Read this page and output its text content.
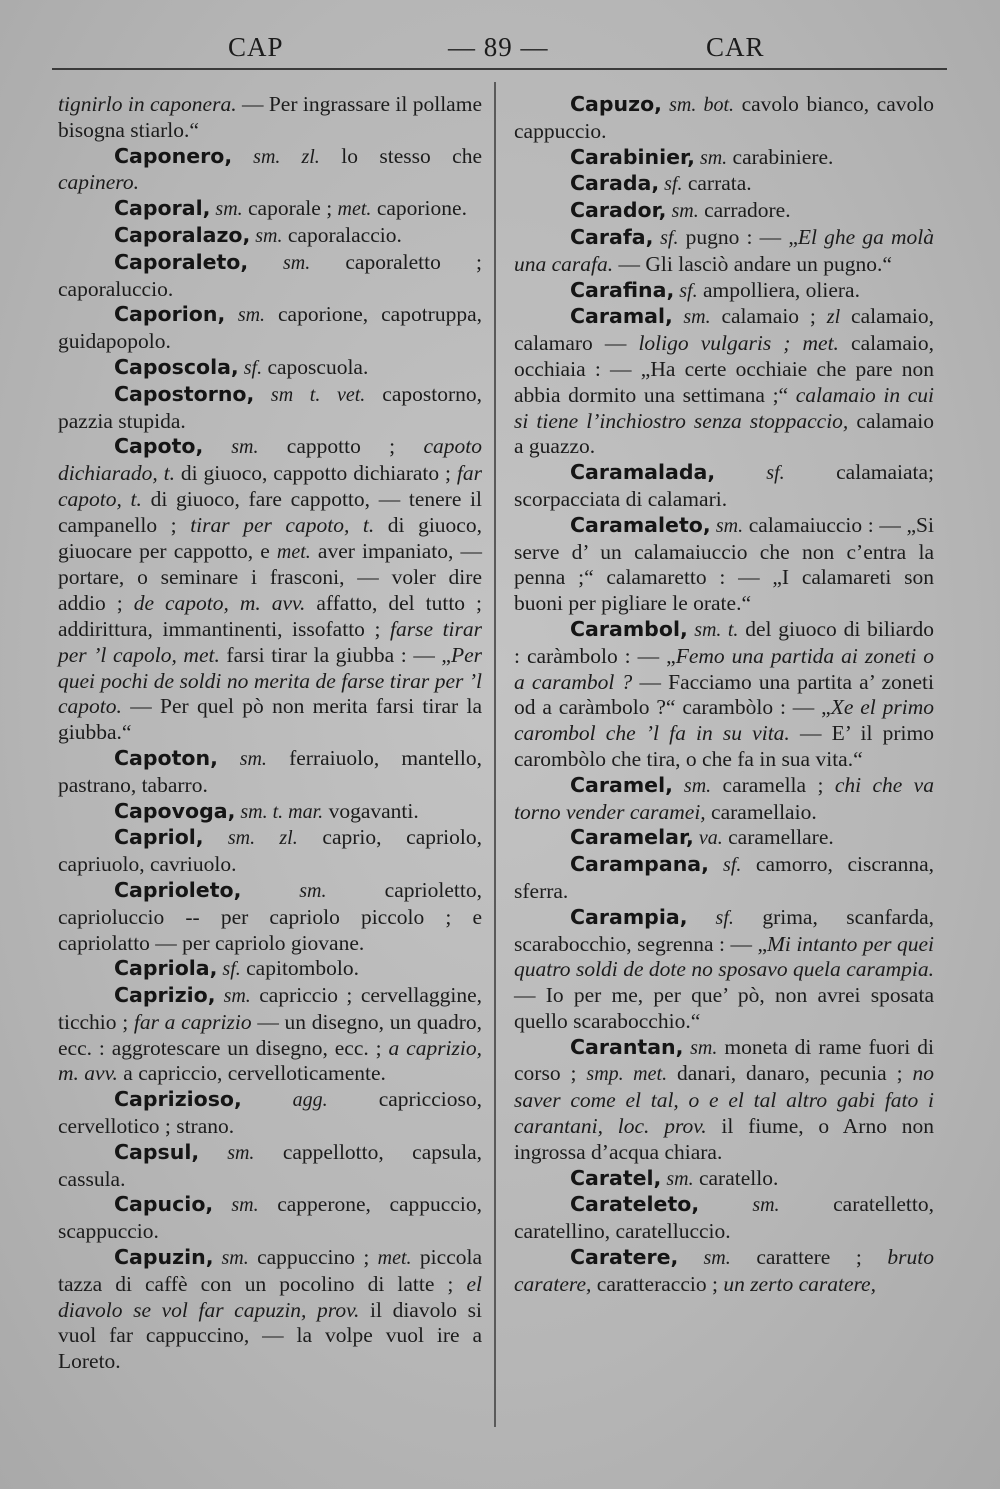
CAP	— 89 —	CAR

tignirlo in caponera. — Per ingrassare il pollame bisogna stiarlo.“

Caponero, sm. zl. lo stesso che capinero.

Caporal, sm. caporale ; met. caporione.

Caporalazo, sm. caporalaccio.

Caporaleto, sm. caporaletto ; caporaluccio.

Caporion, sm. caporione, capotruppa, guidapopolo.

Caposcola, sf. caposcuola.

Capostorno, sm t. vet. capostorno, pazzia stupida.

Capoto, sm. cappotto ; capoto dichiarado, t. di giuoco, cappotto dichiarato ; far capoto, t. di giuoco, fare cappotto, — tenere il campanello ; tirar per capoto, t. di giuoco, giuocare per cappotto, e met. aver impaniato, — portare, o seminare i frasconi, — voler dire addio ; de capoto, m. avv. affatto, del tutto ; addirittura, immantinenti, issofatto ; farse tirar per ’l capolo, met. farsi tirar la giubba : — „Per quei pochi de soldi no merita de farse tirar per ’l capoto. — Per quel pò non merita farsi tirar la giubba.“

Capoton, sm. ferraiuolo, mantello, pastrano, tabarro.

Capovoga, sm. t. mar. vogavanti.

Capriol, sm. zl. caprio, capriolo, capriuolo, cavriuolo.

Caprioleto, sm. caprioletto, caprioluccio -- per capriolo piccolo ; e capriolatto — per capriolo giovane.

Capriola, sf. capitombolo.

Caprizio, sm. capriccio ; cervellaggine, ticchio ; far a caprizio — un disegno, un quadro, ecc. : aggrotescare un disegno, ecc. ; a caprizio, m. avv. a capriccio, cervelloticamente.

Caprizioso, agg. capriccioso, cervellotico ; strano.

Capsul, sm. cappellotto, capsula, cassula.

Capucio, sm. capperone, cappuccio, scappuccio.

Capuzin, sm. cappuccino ; met. piccola tazza di caffè con un pocolino di latte ; el diavolo se vol far capuzin, prov. il diavolo si vuol far cappuccino, — la volpe vuol ire a Loreto.

Capuzo, sm. bot. cavolo bianco, cavolo cappuccio.

Carabinier, sm. carabiniere.

Carada, sf. carrata.

Carador, sm. carradore.

Carafa, sf. pugno : — „El ghe ga molà una carafa. — Gli lasciò andare un pugno.“

Carafina, sf. ampolliera, oliera.

Caramal, sm. calamaio ; zl calamaio, calamaro — loligo vulgaris ; met. calamaio, occhiaia : — „Ha certe occhiaie che pare non abbia dormito una settimana ;“ calamaio in cui si tiene l’inchiostro senza stoppaccio, calamaio a guazzo.

Caramalada, sf. calamaiata; scorpacciata di calamari.

Caramaleto, sm. calamaiuccio : — „Si serve d’ un calamaiuccio che non c’entra la penna ;“ calamaretto : — „I calamareti son buoni per pigliare le orate.“

Carambol, sm. t. del giuoco di biliardo : caràmbolo : — „Femo una partida ai zoneti o a carambol ? — Facciamo una partita a’ zoneti od a caràmbolo ?“ carambòlo : — „Xe el primo carombol che ’l fa in su vita. — E’ il primo carombòlo che tira, o che fa in sua vita.“

Caramel, sm. caramella ; chi che va torno vender caramei, caramellaio.

Caramelar, va. caramellare.

Carampana, sf. camorro, ciscranna, sferra.

Carampia, sf. grima, scanfarda, scarabocchio, segrenna : — „Mi intanto per quei quatro soldi de dote no sposavo quela carampia. — Io per me, per que’ pò, non avrei sposata quello scarabocchio.“

Carantan, sm. moneta di rame fuori di corso ; smp. met. danari, danaro, pecunia ; no saver come el tal, o e el tal altro gabi fato i carantani, loc. prov. il fiume, o Arno non ingrossa d’acqua chiara.

Caratel, sm. caratello.

Carateleto, sm. caratelletto, caratellino, caratelluccio.

Caratere, sm. carattere ; bruto caratere, caratteraccio ; un zerto caratere,
